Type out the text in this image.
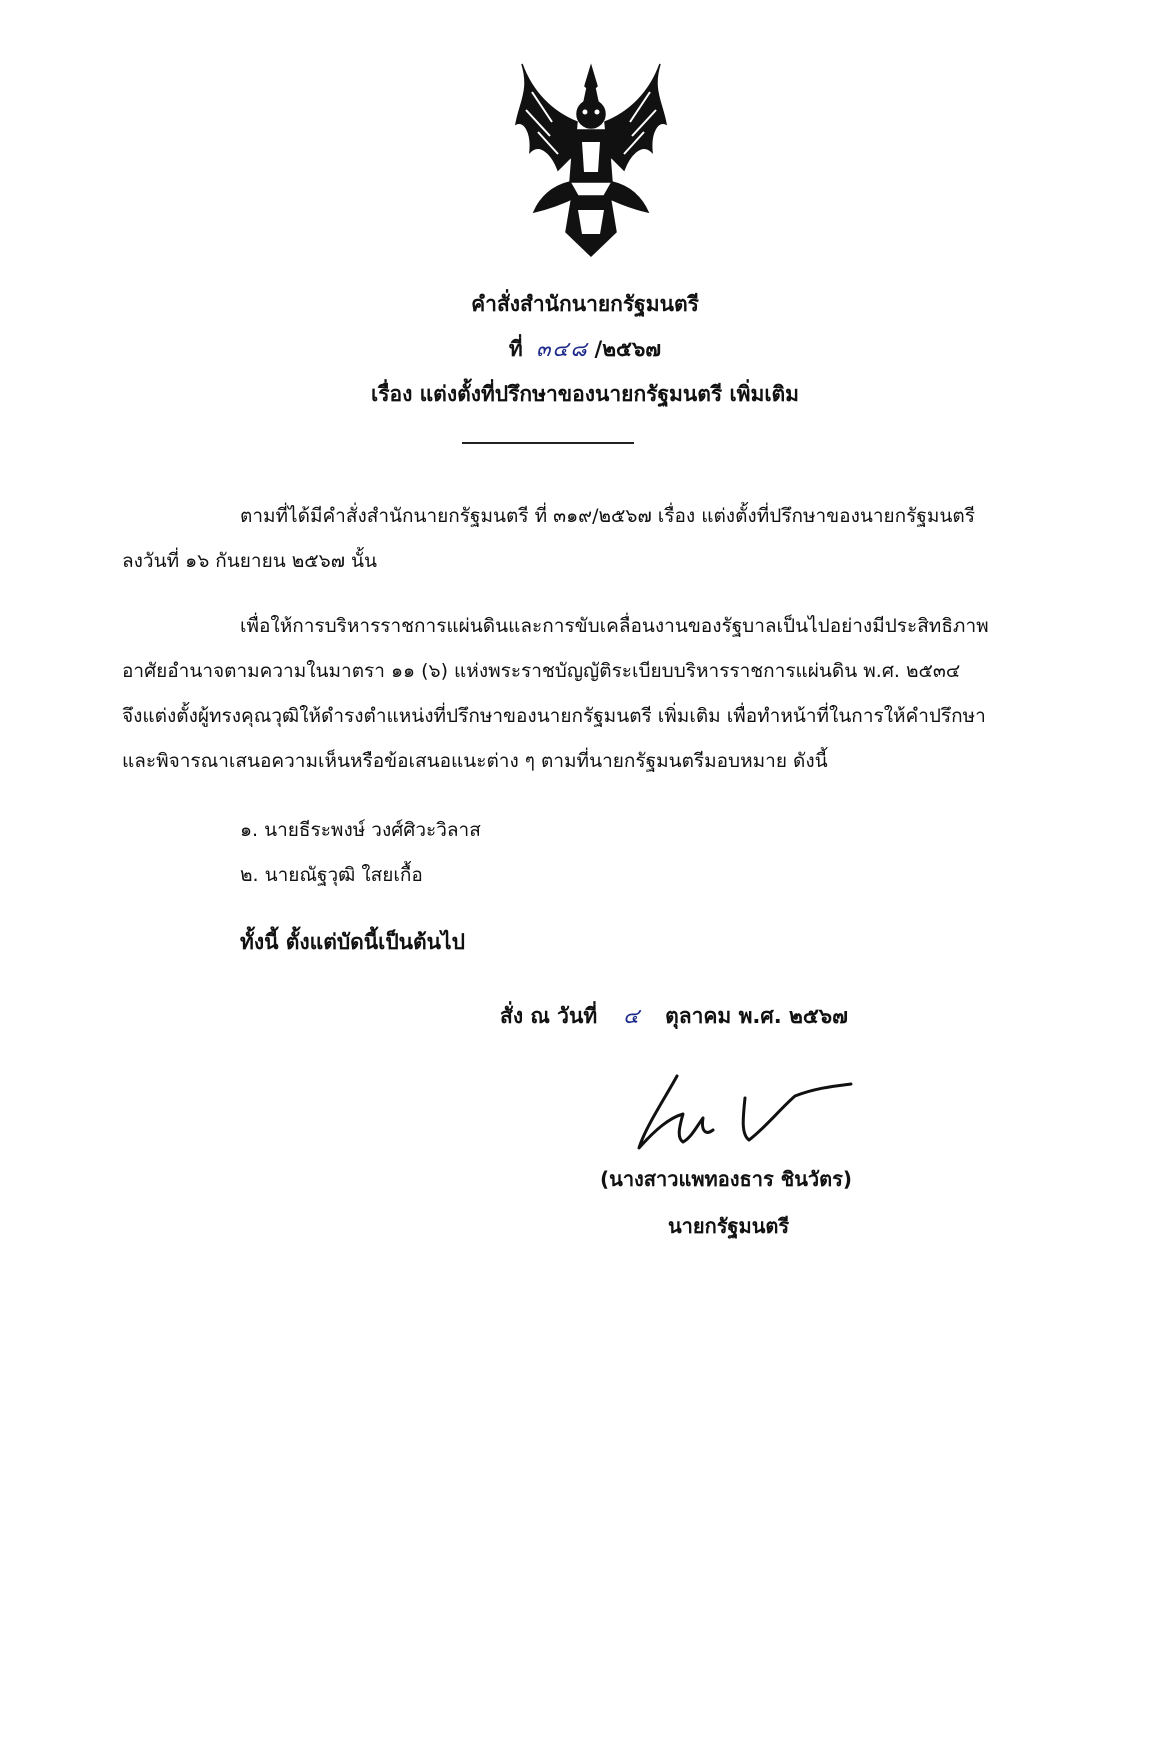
คำสั่งสำนักนายกรัฐมนตรี
ที่ ๓๔๘ /๒๕๖๗
เรื่อง แต่งตั้งที่ปรึกษาของนายกรัฐมนตรี เพิ่มเติม
ตามที่ได้มีคำสั่งสำนักนายกรัฐมนตรี ที่ ๓๑๙/๒๕๖๗ เรื่อง แต่งตั้งที่ปรึกษาของนายกรัฐมนตรี
ลงวันที่ ๑๖ กันยายน ๒๕๖๗ นั้น
เพื่อให้การบริหารราชการแผ่นดินและการขับเคลื่อนงานของรัฐบาลเป็นไปอย่างมีประสิทธิภาพ
อาศัยอำนาจตามความในมาตรา ๑๑ (๖) แห่งพระราชบัญญัติระเบียบบริหารราชการแผ่นดิน พ.ศ. ๒๕๓๔
จึงแต่งตั้งผู้ทรงคุณวุฒิให้ดำรงตำแหน่งที่ปรึกษาของนายกรัฐมนตรี เพิ่มเติม เพื่อทำหน้าที่ในการให้คำปรึกษา
และพิจารณาเสนอความเห็นหรือข้อเสนอแนะต่าง ๆ ตามที่นายกรัฐมนตรีมอบหมาย ดังนี้
๑. นายธีระพงษ์ วงศ์ศิวะวิลาส
๒. นายณัฐวุฒิ ใสยเกื้อ
ทั้งนี้ ตั้งแต่บัดนี้เป็นต้นไป
สั่ง ณ วันที่ ๔ ตุลาคม พ.ศ. ๒๕๖๗
(นางสาวแพทองธาร ชินวัตร)
นายกรัฐมนตรี
